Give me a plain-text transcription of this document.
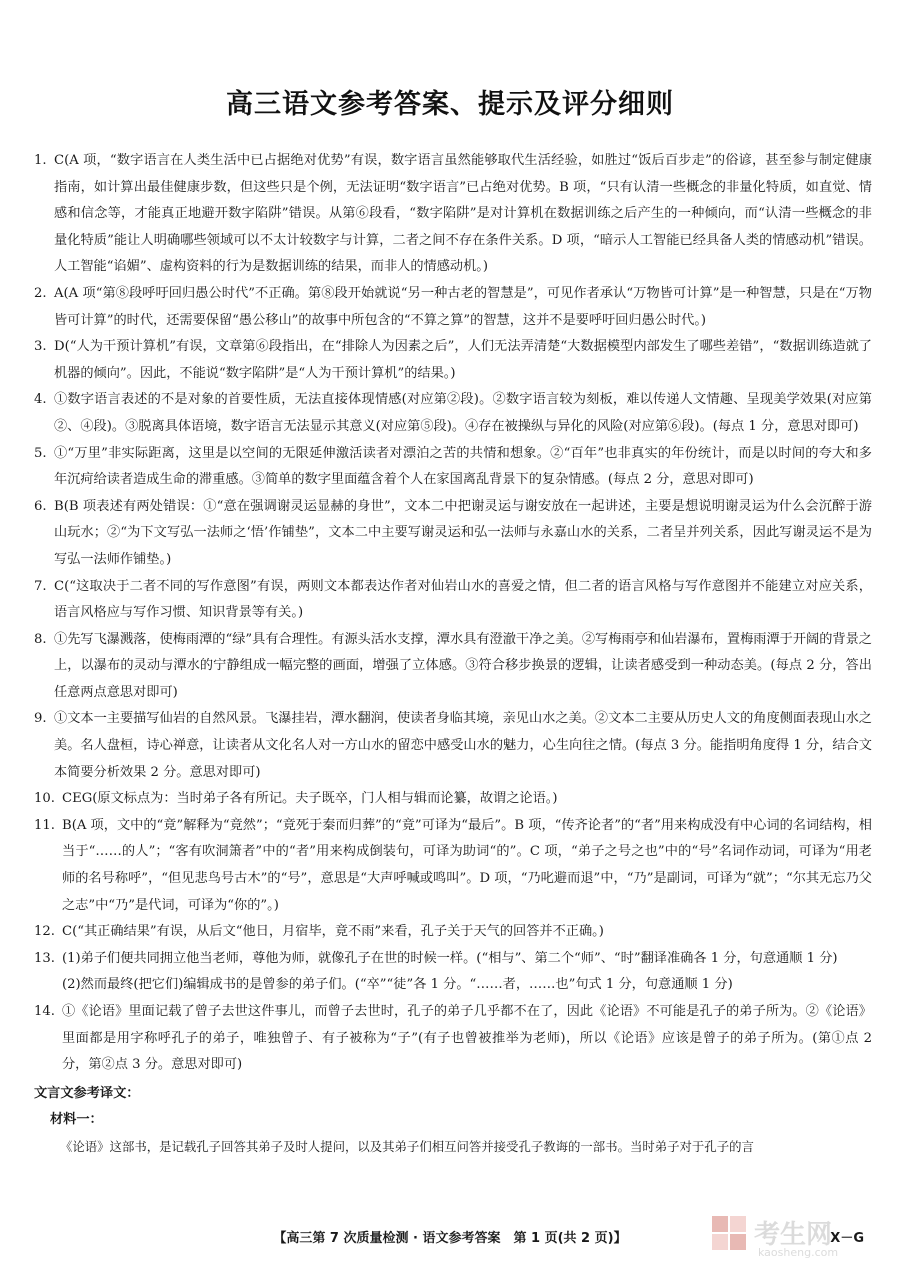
高三语文参考答案、提示及评分细则
1. C(A 项，“数字语言在人类生活中已占据绝对优势”有误，数字语言虽然能够取代生活经验，如胜过“饭后百步走”的俗谚，甚至参与制定健康指南，如计算出最佳健康步数，但这些只是个例，无法证明“数字语言”已占绝对优势。B 项，“只有认清一些概念的非量化特质，如直觉、情感和信念等，才能真正地避开数字陷阱”错误。从第⑥段看，“数字陷阱”是对计算机在数据训练之后产生的一种倾向，而“认清一些概念的非量化特质”能让人明确哪些领域可以不太计较数字与计算，二者之间不存在条件关系。D 项，“暗示人工智能已经具备人类的情感动机”错误。人工智能“谄媚”、虚构资料的行为是数据训练的结果，而非人的情感动机。)
2. A(A 项“第⑧段呼吁回归愚公时代”不正确。第⑧段开始就说“另一种古老的智慧是”，可见作者承认“万物皆可计算”是一种智慧，只是在“万物皆可计算”的时代，还需要保留“愚公移山”的故事中所包含的“不算之算”的智慧，这并不是要呼吁回归愚公时代。)
3. D(“人为干预计算机”有误，文章第⑥段指出，在“排除人为因素之后”，人们无法弄清楚“大数据模型内部发生了哪些差错”，“数据训练造就了机器的倾向”。因此，不能说“数字陷阱”是“人为干预计算机”的结果。)
4. ①数字语言表述的不是对象的首要性质，无法直接体现情感(对应第②段)。②数字语言较为刻板，难以传递人文情趣、呈现美学效果(对应第②、④段)。③脱离具体语境，数字语言无法显示其意义(对应第⑤段)。④存在被操纵与异化的风险(对应第⑥段)。(每点 1 分，意思对即可)
5. ①“万里”非实际距离，这里是以空间的无限延伸激活读者对漂泊之苦的共情和想象。②“百年”也非真实的年份统计，而是以时间的夸大和多年沉疴给读者造成生命的滞重感。③简单的数字里面蕴含着个人在家国离乱背景下的复杂情感。(每点 2 分，意思对即可)
6. B(B 项表述有两处错误：①“意在强调谢灵运显赫的身世”，文本二中把谢灵运与谢安放在一起讲述，主要是想说明谢灵运为什么会沉醉于游山玩水；②“为下文写弘一法师之‘悟’作铺垫”，文本二中主要写谢灵运和弘一法师与永嘉山水的关系，二者呈并列关系，因此写谢灵运不是为写弘一法师作铺垫。)
7. C(“这取决于二者不同的写作意图”有误，两则文本都表达作者对仙岩山水的喜爱之情，但二者的语言风格与写作意图并不能建立对应关系，语言风格应与写作习惯、知识背景等有关。)
8. ①先写飞瀑溅落，使梅雨潭的“绿”具有合理性。有源头活水支撑，潭水具有澄澈干净之美。②写梅雨亭和仙岩瀑布，置梅雨潭于开阔的背景之上，以瀑布的灵动与潭水的宁静组成一幅完整的画面，增强了立体感。③符合移步换景的逻辑，让读者感受到一种动态美。(每点 2 分，答出任意两点意思对即可)
9. ①文本一主要描写仙岩的自然风景。飞瀑挂岩，潭水翻润，使读者身临其境，亲见山水之美。②文本二主要从历史人文的角度侧面表现山水之美。名人盘桓，诗心禅意，让读者从文化名人对一方山水的留恋中感受山水的魅力，心生向往之情。(每点 3 分。能指明角度得 1 分，结合文本简要分析效果 2 分。意思对即可)
10. CEG(原文标点为：当时弟子各有所记。夫子既卒，门人相与辑而论纂，故谓之论语。)
11. B(A 项，文中的“竟”解释为“竟然”；“竟死于秦而归葬”的“竟”可译为“最后”。B 项，“传齐论者”的“者”用来构成没有中心词的名词结构，相当于“……的人”；“客有吹洞箫者”中的“者”用来构成倒装句，可译为助词“的”。C 项，“弟子之号之也”中的“号”名词作动词，可译为“用老师的名号称呼”，“但见悲鸟号古木”的“号”，意思是“大声呼喊或鸣叫”。D 项，“乃叱避而退”中，“乃”是副词，可译为“就”；“尔其无忘乃父之志”中“乃”是代词，可译为“你的”。)
12. C(“其正确结果”有误，从后文“他日，月宿毕，竟不雨”来看，孔子关于天气的回答并不正确。)
13. (1)弟子们便共同拥立他当老师，尊他为师，就像孔子在世的时候一样。(“相与”、第二个“师”、“时”翻译准确各 1 分，句意通顺 1 分)
(2)然而最终(把它们)编辑成书的是曾参的弟子们。(“卒”“徒”各 1 分。“……者，……也”句式 1 分，句意通顺 1 分)
14. ①《论语》里面记载了曾子去世这件事儿，而曾子去世时，孔子的弟子几乎都不在了，因此《论语》不可能是孔子的弟子所为。②《论语》里面都是用字称呼孔子的弟子，唯独曾子、有子被称为“子”(有子也曾被推举为老师)，所以《论语》应该是曾子的弟子所为。(第①点 2 分，第②点 3 分。意思对即可)
文言文参考译文：
材料一：
《论语》这部书，是记载孔子回答其弟子及时人提问，以及其弟子们相互问答并接受孔子教诲的一部书。当时弟子对于孔子的言
【高三第 7 次质量检测 · 语文参考答案　第 1 页(共 2 页)】	X－G
考生网
kaosheng.com
